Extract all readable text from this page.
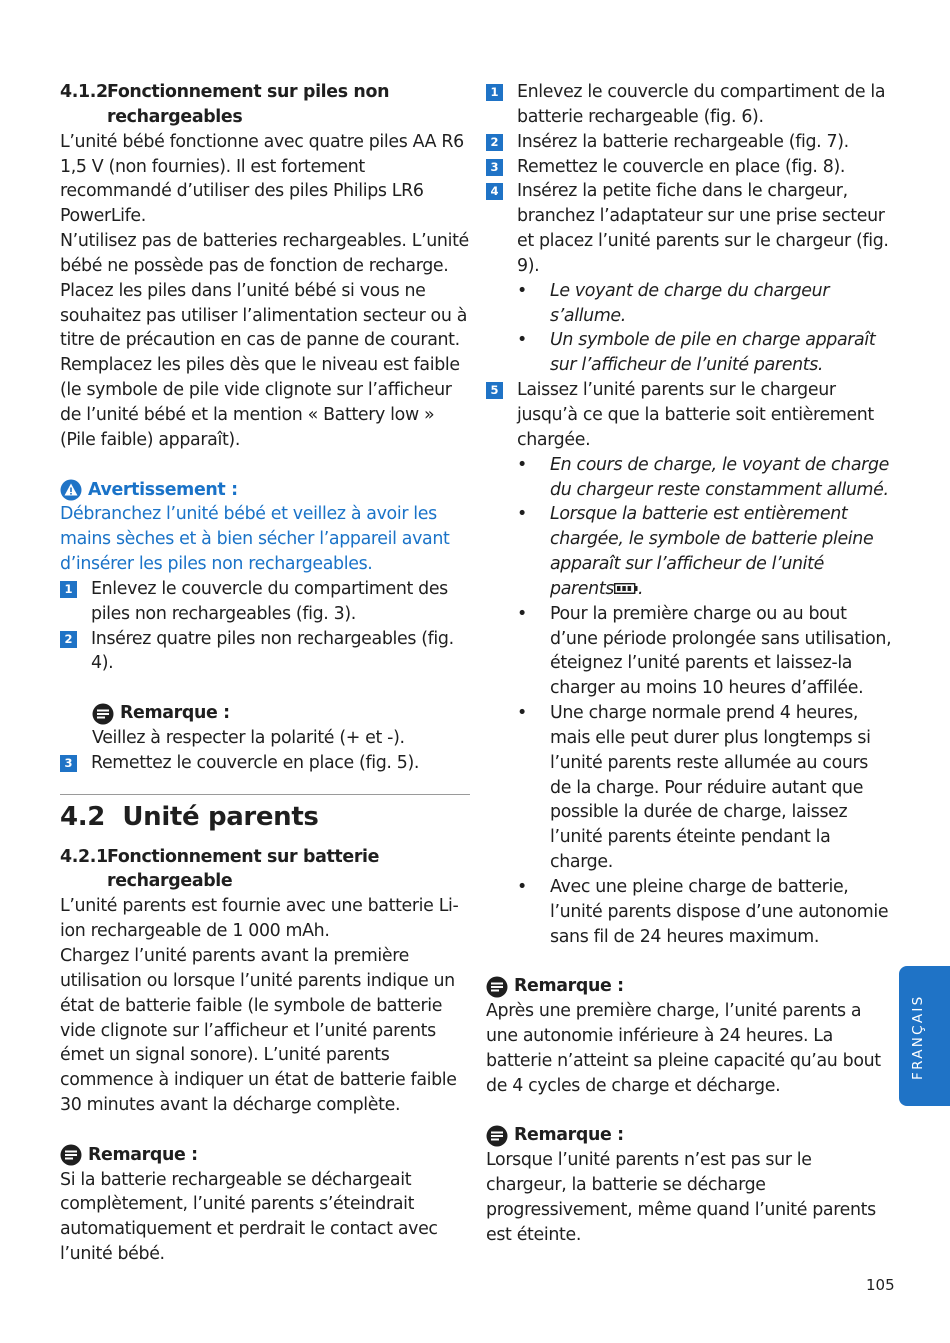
4.1.2 Fonctionnement sur piles non rechargeables

L’unité bébé fonctionne avec quatre piles AA R6 1,5 V (non fournies). Il est fortement recommandé d’utiliser des piles Philips LR6 PowerLife.

N’utilisez pas de batteries rechargeables. L’unité bébé ne possède pas de fonction de recharge.

Placez les piles dans l’unité bébé si vous ne souhaitez pas utiliser l’alimentation secteur ou à titre de précaution en cas de panne de courant.

Remplacez les piles dès que le niveau est faible (le symbole de pile vide clignote sur l’afficheur de l’unité bébé et la mention « Battery low » (Pile faible) apparaît).

Avertissement :

Débranchez l’unité bébé et veillez à avoir les mains sèches et à bien sécher l’appareil avant d’insérer les piles non rechargeables.

1 Enlevez le couvercle du compartiment des piles non rechargeables (fig. 3).
2 Insérez quatre piles non rechargeables (fig. 4).
Remarque :

Veillez à respecter la polarité (+ et -).

3 Remettez le couvercle en place (fig. 5).
4.2 Unité parents
4.2.1 Fonctionnement sur batterie rechargeable

L’unité parents est fournie avec une batterie Li-ion rechargeable de 1 000 mAh.

Chargez l’unité parents avant la première utilisation ou lorsque l’unité parents indique un état de batterie faible (le symbole de batterie vide clignote sur l’afficheur et l’unité parents émet un signal sonore). L’unité parents commence à indiquer un état de batterie faible 30 minutes avant la décharge complète.

Remarque :

Si la batterie rechargeable se déchargeait complètement, l’unité parents s’éteindrait automatiquement et perdrait le contact avec l’unité bébé.

1 Enlevez le couvercle du compartiment de la batterie rechargeable (fig. 6).
2 Insérez la batterie rechargeable (fig. 7).
3 Remettez le couvercle en place (fig. 8).
4 Insérez la petite fiche dans le chargeur, branchez l’adaptateur sur une prise secteur et placez l’unité parents sur le chargeur (fig. 9).
•	Le voyant de charge du chargeur s’allume.
•	Un symbole de pile en charge apparaît sur l’afficheur de l’unité parents.
5 Laissez l’unité parents sur le chargeur jusqu’à ce que la batterie soit entièrement chargée.
•	En cours de charge, le voyant de charge du chargeur reste constamment allumé.
•	Lorsque la batterie est entièrement chargée, le symbole de batterie pleine apparaît sur l’afficheur de l’unité parents .
•	Pour la première charge ou au bout d’une période prolongée sans utilisation, éteignez l’unité parents et laissez-la charger au moins 10 heures d’affilée.
•	Une charge normale prend 4 heures, mais elle peut durer plus longtemps si l’unité parents reste allumée au cours de la charge. Pour réduire autant que possible la durée de charge, laissez l’unité parents éteinte pendant la charge.
•	Avec une pleine charge de batterie, l’unité parents dispose d’une autonomie sans fil de 24 heures maximum.
Remarque :

Après une première charge, l’unité parents a une autonomie inférieure à 24 heures. La batterie n’atteint sa pleine capacité qu’au bout de 4 cycles de charge et décharge.

Remarque :

Lorsque l’unité parents n’est pas sur le chargeur, la batterie se décharge progressivement, même quand l’unité parents est éteinte.

FRANÇAIS
105
